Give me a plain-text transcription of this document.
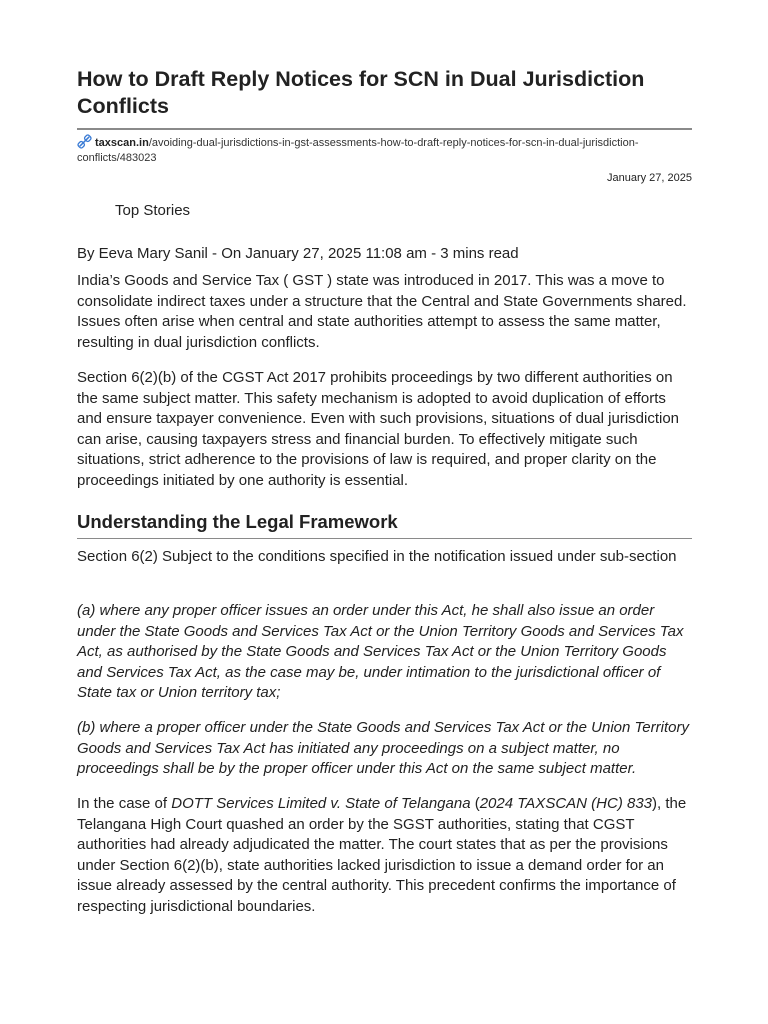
How to Draft Reply Notices for SCN in Dual Jurisdiction Conflicts
taxscan.in/avoiding-dual-jurisdictions-in-gst-assessments-how-to-draft-reply-notices-for-scn-in-dual-jurisdiction-conflicts/483023
January 27, 2025
Top Stories
By Eeva Mary Sanil - On January 27, 2025 11:08 am - 3 mins read

India’s Goods and Service Tax ( GST ) state was introduced in 2017. This was a move to consolidate indirect taxes under a structure that the Central and State Governments shared. Issues often arise when central and state authorities attempt to assess the same matter, resulting in dual jurisdiction conflicts.

Section 6(2)(b) of the CGST Act 2017 prohibits proceedings by two different authorities on the same subject matter. This safety mechanism is adopted to avoid duplication of efforts and ensure taxpayer convenience. Even with such provisions, situations of dual jurisdiction can arise, causing taxpayers stress and financial burden. To effectively mitigate such situations, strict adherence to the provisions of law is required, and proper clarity on the proceedings initiated by one authority is essential.

Understanding the Legal Framework

Section 6(2) Subject to the conditions specified in the notification issued under sub-section

(a) where any proper officer issues an order under this Act, he shall also issue an order under the State Goods and Services Tax Act or the Union Territory Goods and Services Tax Act, as authorised by the State Goods and Services Tax Act or the Union Territory Goods and Services Tax Act, as the case may be, under intimation to the jurisdictional officer of State tax or Union territory tax;

(b) where a proper officer under the State Goods and Services Tax Act or the Union Territory Goods and Services Tax Act has initiated any proceedings on a subject matter, no proceedings shall be by the proper officer under this Act on the same subject matter.

In the case of DOTT Services Limited v. State of Telangana (2024 TAXSCAN (HC) 833), the Telangana High Court quashed an order by the SGST authorities, stating that CGST authorities had already adjudicated the matter. The court states that as per the provisions under Section 6(2)(b), state authorities lacked jurisdiction to issue a demand order for an issue already assessed by the central authority. This precedent confirms the importance of respecting jurisdictional boundaries.
